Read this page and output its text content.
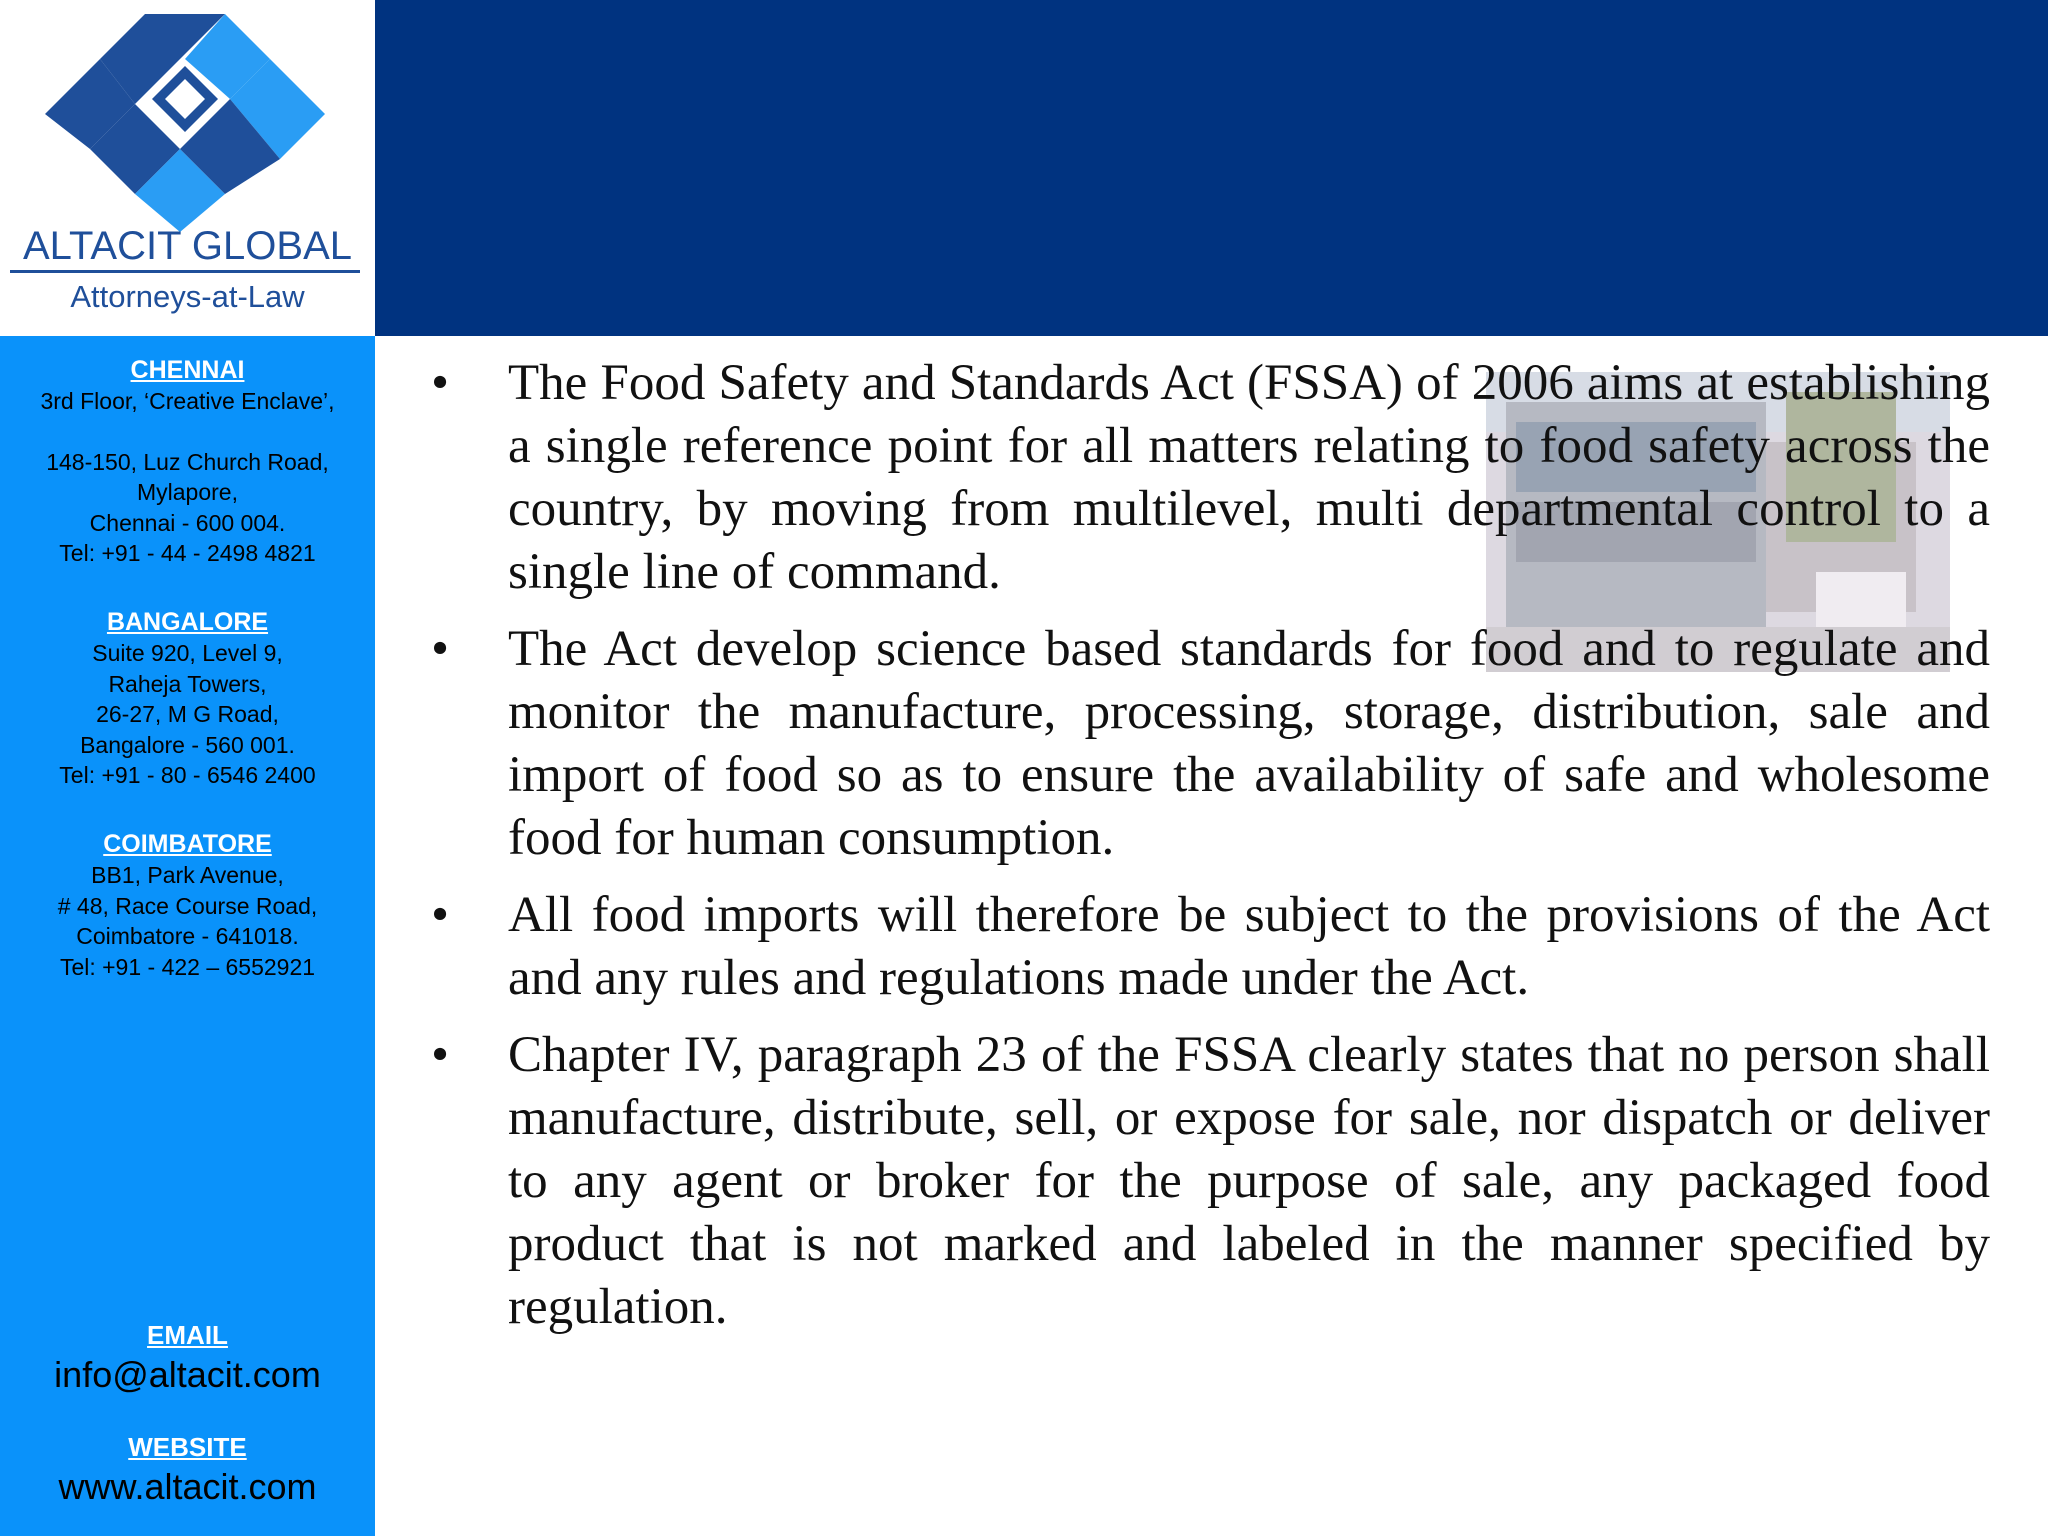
ALTACIT GLOBAL
Attorneys-at-Law
CHENNAI
3rd Floor, ‘Creative Enclave’,
148-150, Luz Church Road,
Mylapore,
Chennai - 600 004.
Tel: +91 - 44 - 2498 4821
BANGALORE
Suite 920, Level 9,
Raheja Towers,
26-27, M G Road,
Bangalore - 560 001.
Tel: +91 - 80 - 6546 2400
COIMBATORE
BB1, Park Avenue,
# 48, Race Course Road,
Coimbatore - 641018.
Tel: +91 - 422 – 6552921
EMAIL
info@altacit.com
WEBSITE
www.altacit.com
• The Food Safety and Standards Act (FSSA) of 2006 aims at establishing a single reference point for all matters relating to food safety across the country, by moving from multilevel, multi departmental control to a single line of command.
• The Act develop science based standards for food and to regulate and monitor the manufacture, processing, storage, distribution, sale and import of food so as to ensure the availability of safe and wholesome food for human consumption.
• All food imports will therefore be subject to the provisions of the Act and any rules and regulations made under the Act.
• Chapter IV, paragraph 23 of the FSSA clearly states that no person shall manufacture, distribute, sell, or expose for sale, nor dispatch or deliver to any agent or broker for the purpose of sale, any packaged food product that is not marked and labeled in the manner specified by regulation.
